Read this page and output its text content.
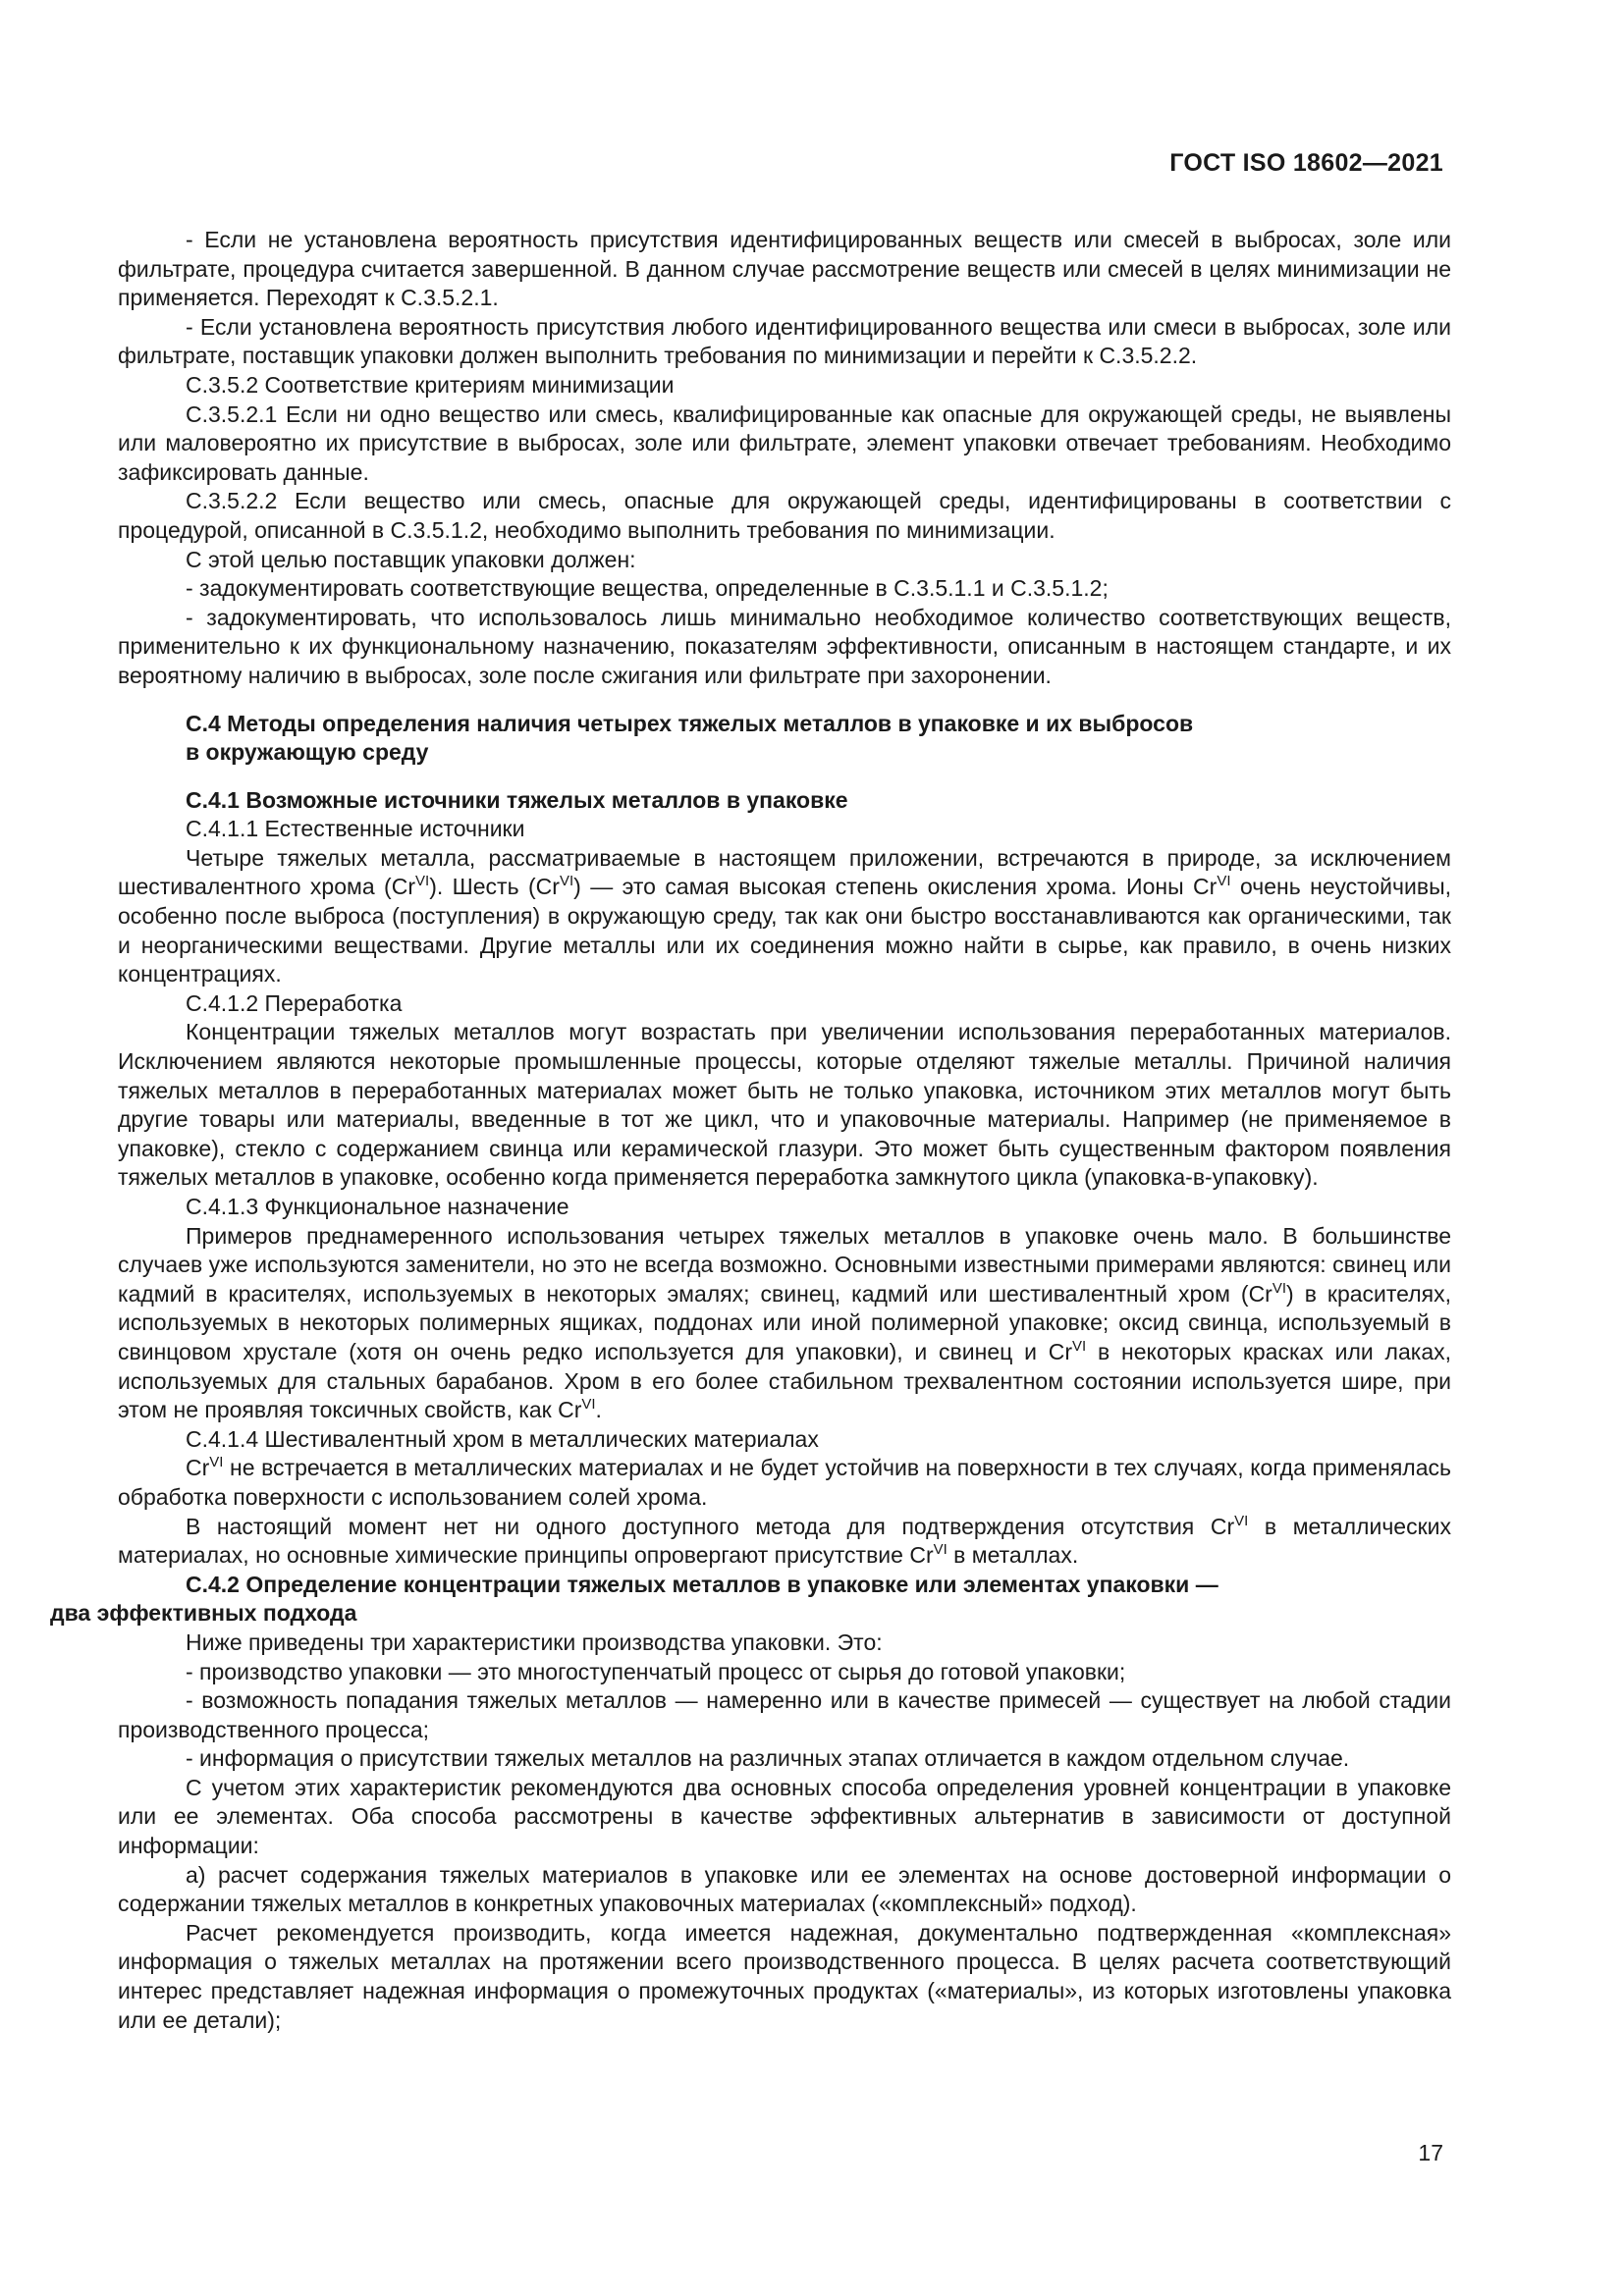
ГОСТ ISO 18602—2021

- Если не установлена вероятность присутствия идентифицированных веществ или смесей в выбросах, золе или фильтрате, процедура считается завершенной. В данном случае рассмотрение веществ или смесей в целях минимизации не применяется. Переходят к С.3.5.2.1.

- Если установлена вероятность присутствия любого идентифицированного вещества или смеси в выбросах, золе или фильтрате, поставщик упаковки должен выполнить требования по минимизации и перейти к С.3.5.2.2.

С.3.5.2 Соответствие критериям минимизации

С.3.5.2.1 Если ни одно вещество или смесь, квалифицированные как опасные для окружающей среды, не выявлены или маловероятно их присутствие в выбросах, золе или фильтрате, элемент упаковки отвечает требованиям. Необходимо зафиксировать данные.

С.3.5.2.2 Если вещество или смесь, опасные для окружающей среды, идентифицированы в соответствии с процедурой, описанной в С.3.5.1.2, необходимо выполнить требования по минимизации.

С этой целью поставщик упаковки должен:

- задокументировать соответствующие вещества, определенные в С.3.5.1.1 и С.3.5.1.2;

- задокументировать, что использовалось лишь минимально необходимое количество соответствующих веществ, применительно к их функциональному назначению, показателям эффективности, описанным в настоящем стандарте, и их вероятному наличию в выбросах, золе после сжигания или фильтрате при захоронении.

С.4 Методы определения наличия четырех тяжелых металлов в упаковке и их выбросов
в окружающую среду
С.4.1 Возможные источники тяжелых металлов в упаковке

С.4.1.1 Естественные источники

Четыре тяжелых металла, рассматриваемые в настоящем приложении, встречаются в природе, за исключением шестивалентного хрома $(Cr^{VI})$. Шесть $(Cr^{VI})$ — это самая высокая степень окисления хрома. Ионы $Cr^{VI}$ очень неустойчивы, особенно после выброса (поступления) в окружающую среду, так как они быстро восстанавливаются как органическими, так и неорганическими веществами. Другие металлы или их соединения можно найти в сырье, как правило, в очень низких концентрациях.

С.4.1.2 Переработка

Концентрации тяжелых металлов могут возрастать при увеличении использования переработанных материалов. Исключением являются некоторые промышленные процессы, которые отделяют тяжелые металлы. Причиной наличия тяжелых металлов в переработанных материалах может быть не только упаковка, источником этих металлов могут быть другие товары или материалы, введенные в тот же цикл, что и упаковочные материалы. Например (не применяемое в упаковке), стекло с содержанием свинца или керамической глазури. Это может быть существенным фактором появления тяжелых металлов в упаковке, особенно когда применяется переработка замкнутого цикла (упаковка-в-упаковку).

С.4.1.3 Функциональное назначение

Примеров преднамеренного использования четырех тяжелых металлов в упаковке очень мало. В большинстве случаев уже используются заменители, но это не всегда возможно. Основными известными примерами являются: свинец или кадмий в красителях, используемых в некоторых эмалях; свинец, кадмий или шестивалентный хром $(Cr^{VI})$ в красителях, используемых в некоторых полимерных ящиках, поддонах или иной полимерной упаковке; оксид свинца, используемый в свинцовом хрустале (хотя он очень редко используется для упаковки), и свинец и $Cr^{VI}$ в некоторых красках или лаках, используемых для стальных барабанов. Хром в его более стабильном трехвалентном состоянии используется шире, при этом не проявляя токсичных свойств, как $Cr^{VI}$.

С.4.1.4 Шестивалентный хром в металлических материалах

$Cr^{VI}$ не встречается в металлических материалах и не будет устойчив на поверхности в тех случаях, когда применялась обработка поверхности с использованием солей хрома.

В настоящий момент нет ни одного доступного метода для подтверждения отсутствия $Cr^{VI}$ в металлических материалах, но основные химические принципы опровергают присутствие $Cr^{VI}$ в металлах.

С.4.2 Определение концентрации тяжелых металлов в упаковке или элементах упаковки —
два эффективных подхода

Ниже приведены три характеристики производства упаковки. Это:

- производство упаковки — это многоступенчатый процесс от сырья до готовой упаковки;

- возможность попадания тяжелых металлов — намеренно или в качестве примесей — существует на любой стадии производственного процесса;

- информация о присутствии тяжелых металлов на различных этапах отличается в каждом отдельном случае.

С учетом этих характеристик рекомендуются два основных способа определения уровней концентрации в упаковке или ее элементах. Оба способа рассмотрены в качестве эффективных альтернатив в зависимости от доступной информации:

а) расчет содержания тяжелых материалов в упаковке или ее элементах на основе достоверной информации о содержании тяжелых металлов в конкретных упаковочных материалах («комплексный» подход).

Расчет рекомендуется производить, когда имеется надежная, документально подтвержденная «комплексная» информация о тяжелых металлах на протяжении всего производственного процесса. В целях расчета соответствующий интерес представляет надежная информация о промежуточных продуктах («материалы», из которых изготовлены упаковка или ее детали);

17
